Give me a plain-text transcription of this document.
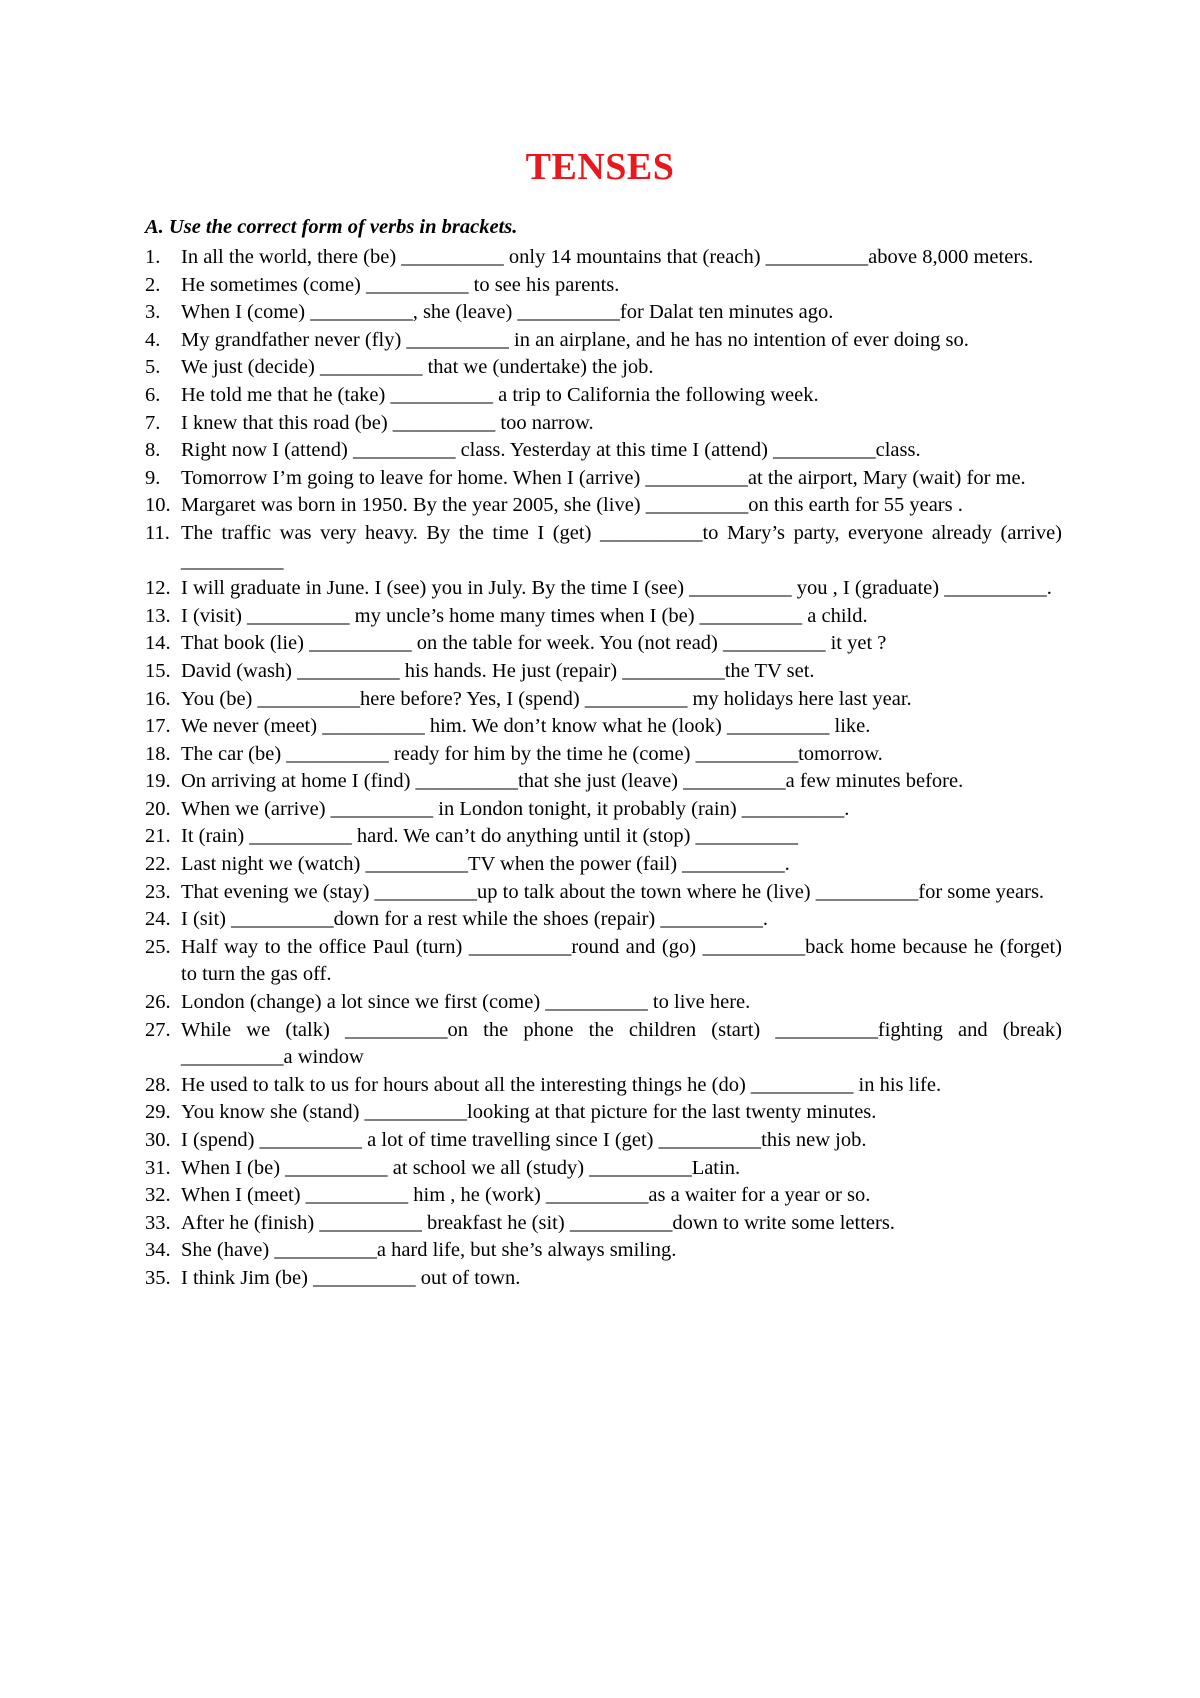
TENSES
A. Use the correct form of verbs in brackets.
1.	In all the world, there (be) __________ only 14 mountains that (reach) __________above 8,000 meters.
2.	He sometimes (come) __________ to see his parents.
3.	When I (come) __________, she (leave) __________for Dalat ten minutes ago.
4.	My grandfather never (fly) __________ in an airplane, and he has no intention of ever doing so.
5.	We just (decide) __________ that we (undertake) the job.
6.	He told me that he (take) __________ a trip to California the following week.
7.	I knew that this road (be) __________ too narrow.
8.	Right now I (attend) __________ class. Yesterday at this time I (attend) __________class.
9.	Tomorrow I’m going to leave for home. When I (arrive) __________at the airport, Mary (wait) for me.
10. Margaret was born in 1950. By the year 2005, she (live) __________on this earth for 55 years .
11. The traffic was very heavy. By the time I (get) __________to Mary’s party, everyone already (arrive) __________
12. I will graduate in June. I (see) you in July. By the time I (see) __________ you , I (graduate) __________.
13. I (visit) __________ my uncle’s home many times when I (be) __________ a child.
14. That book (lie) __________ on the table for week. You (not read) __________ it yet ?
15. David (wash) __________ his hands. He just (repair) __________the TV set.
16. You (be) __________here before? Yes, I (spend) __________ my holidays here last year.
17. We never (meet) __________ him. We don’t know what he (look) __________ like.
18. The car (be) __________ ready for him by the time he (come) __________tomorrow.
19. On arriving at home I (find) __________that she just (leave) __________a few minutes before.
20. When we (arrive) __________ in London tonight, it probably (rain) __________.
21. It (rain) __________ hard. We can’t do anything until it (stop) __________
22. Last night we (watch) __________TV when the power (fail) __________.
23. That evening we (stay) __________up to talk about the town where he (live) __________for some years.
24. I (sit) __________down for a rest while the shoes (repair) __________.
25. Half way to the office Paul (turn) __________round and (go) __________back home because he (forget) to turn the gas off.
26. London (change) a lot since we first (come) __________ to live here.
27. While we (talk) __________on the phone the children (start) __________fighting and (break) __________a window
28. He used to talk to us for hours about all the interesting things he (do) __________ in his life.
29. You know she (stand) __________looking at that picture for the last twenty minutes.
30. I (spend) __________ a lot of time travelling since I (get) __________this new job.
31. When I (be) __________ at school we all (study) __________Latin.
32. When I (meet) __________ him , he (work) __________as a waiter for a year or so.
33. After he (finish) __________ breakfast he (sit) __________down to write some letters.
34. She (have) __________a hard life, but she’s always smiling.
35. I think Jim (be) __________ out of town.
